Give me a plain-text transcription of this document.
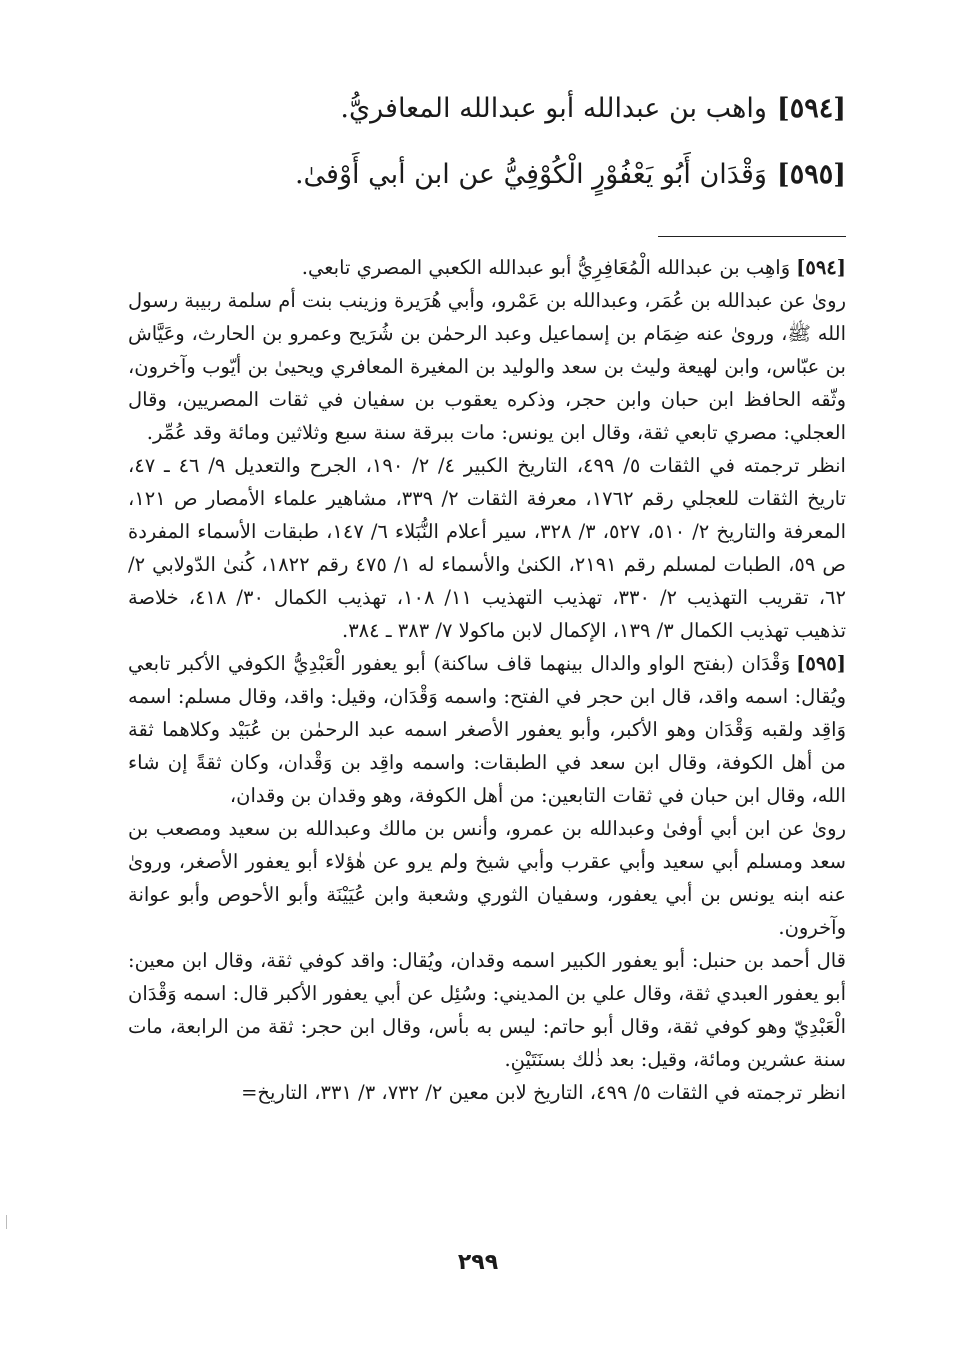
[٥٩٤]واهب بن عبدالله أبو عبدالله المعافريُّ.

[٥٩٥]وَقْدَان أَبُو يَعْفُوْرٍ الْكُوْفِيُّ عن ابن أبي أَوْفىٰ.

[٥٩٤]وَاهِب بن عبدالله الْمُعَافِرِيُّ أبو عبدالله الكعبي المصري تابعي.

رویٰ عن عبدالله بن عُمَر، وعبدالله بن عَمْرو، وأبي هُرَيرة وزينب بنت أم سلمة ربيبة رسول الله ﷺ، وروىٰ عنه ضِمَام بن إسماعيل وعبد الرحمٰن بن شُرَيح وعمرو بن الحارث، وعَيَّاش بن عبّاس، وابن لهيعة وليث بن سعد والوليد بن المغيرة المعافري ويحيىٰ بن أيّوب وآخرون، وثّقه الحافظ ابن حبان وابن حجر، وذكره يعقوب بن سفيان في ثقات المصريين، وقال العجلي: مصري تابعي ثقة، وقال ابن يونس: مات ببرقة سنة سبع وثلاثين ومائة وقد عُمِّر.

انظر ترجمته في الثقات ٥/ ٤٩٩، التاريخ الكبير ٤/ ٢/ ١٩٠، الجرح والتعديل ٩/ ٤٦ ـ ٤٧، تاريخ الثقات للعجلي رقم ١٧٦٢، معرفة الثقات ٢/ ٣٣٩، مشاهير علماء الأمصار ص ١٢١، المعرفة والتاريخ ٢/ ٥١٠، ٥٢٧، ٣/ ٣٢٨، سير أعلام النُّبَلاء ٦/ ١٤٧، طبقات الأسماء المفردة ص ٥٩، الطبات لمسلم رقم ٢١٩١، الكنىٰ والأسماء له ١/ ٤٧٥ رقم ١٨٢٢، كُنىٰ الدّولابي ٢/ ٦٢، تقريب التهذيب ٢/ ٣٣٠، تهذيب التهذيب ١١/ ١٠٨، تهذيب الكمال ٣٠/ ٤١٨، خلاصة تذهيب تهذيب الكمال ٣/ ١٣٩، الإكمال لابن ماكولا ٧/ ٣٨٣ ـ ٣٨٤.

[٥٩٥]وَقْدَان (بفتح الواو والدال بينهما قاف ساكنة) أبو يعفور الْعَبْدِيُّ الكوفي الأكبر تابعي ويُقال: اسمه واقد، قال ابن حجر في الفتح: واسمه وَقْدَان، وقيل: واقد، وقال مسلم: اسمه وَاقِد ولقبه وَقْدَان وهو الأكبر، وأبو يعفور الأصغر اسمه عبد الرحمٰن بن عُبَيْد وكلاهما ثقة من أهل الكوفة، وقال ابن سعد في الطبقات: واسمه واقِد بن وَقْدان، وكان ثقةً إن شاء الله، وقال ابن حبان في ثقات التابعين: من أهل الكوفة، وهو وقدان بن وقدان،

روىٰ عن ابن أبي أوفىٰ وعبدالله بن عمرو، وأنس بن مالك وعبدالله بن سعيد ومصعب بن سعد ومسلم أبي سعيد وأبي عقرب وأبي شيخ ولم يرو عن هٰؤلاء أبو يعفور الأصغر، وروىٰ عنه ابنه يونس بن أبي يعفور، وسفيان الثوري وشعبة وابن عُيَيْنَة وأبو الأحوص وأبو عوانة وآخرون.

قال أحمد بن حنبل: أبو يعفور الكبير اسمه وقدان، ويُقال: واقد كوفي ثقة، وقال ابن معين: أبو يعفور العبدي ثقة، وقال علي بن المديني: وسُئِل عن أبي يعفور الأكبر قال: اسمه وَقْدَان الْعَبْدِيّ وهو كوفي ثقة، وقال أبو حاتم: ليس به بأس، وقال ابن حجر: ثقة من الرابعة، مات سنة عشرين ومائة، وقيل: بعد ذٰلك بسنَتَيْنِ.

انظر ترجمته في الثقات ٥/ ٤٩٩، التاريخ لابن معين ٢/ ٧٣٢، ٣/ ٣٣١، التاريخ=

٢٩٩
